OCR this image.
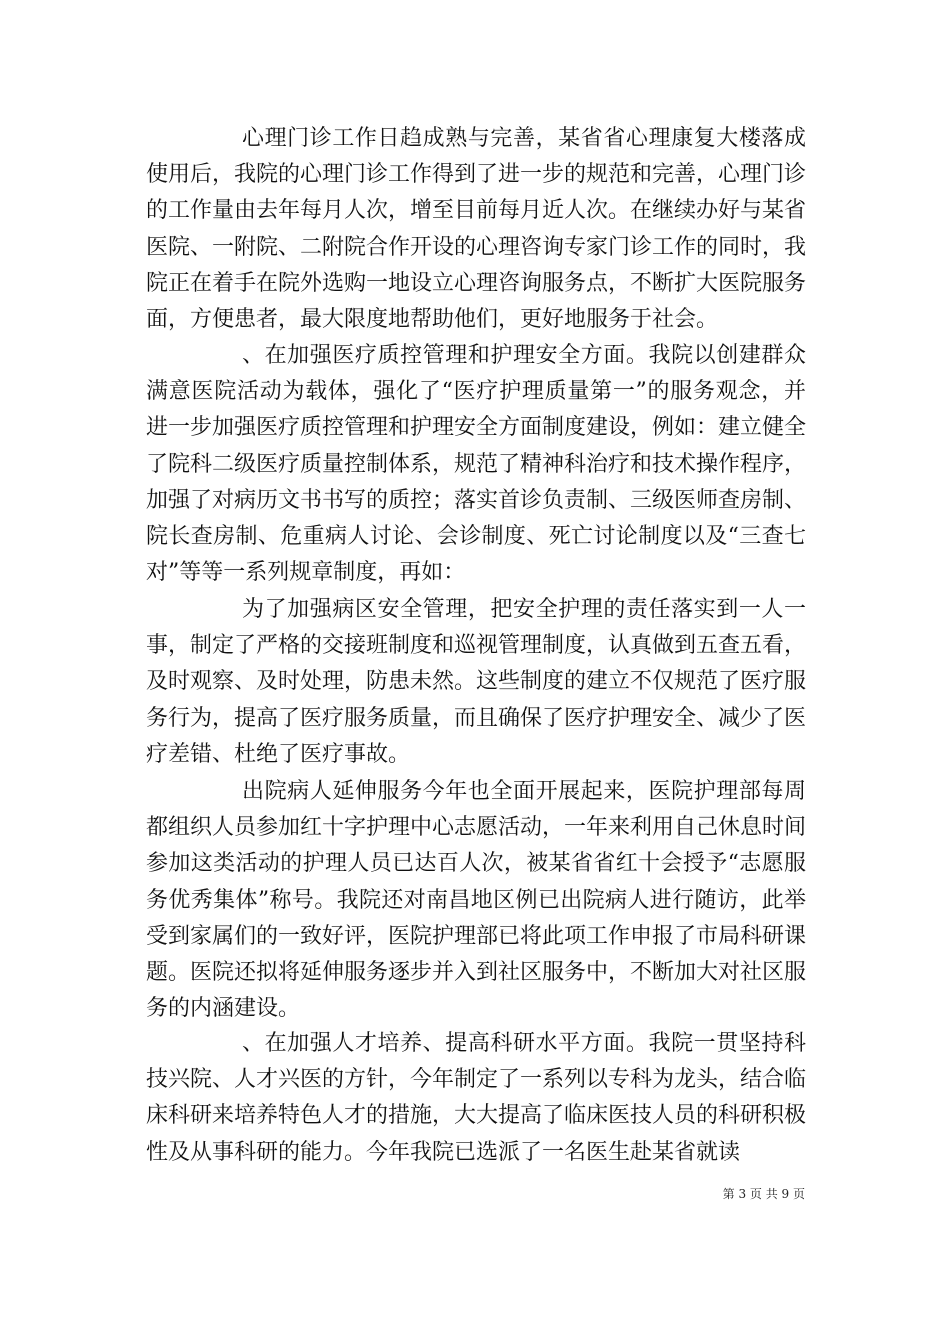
心理门诊工作日趋成熟与完善，某省省心理康复大楼落成使用后，我院的心理门诊工作得到了进一步的规范和完善，心理门诊的工作量由去年每月人次，增至目前每月近人次。在继续办好与某省医院、一附院、二附院合作开设的心理咨询专家门诊工作的同时，我院正在着手在院外选购一地设立心理咨询服务点，不断扩大医院服务面，方便患者，最大限度地帮助他们，更好地服务于社会。

、在加强医疗质控管理和护理安全方面。我院以创建群众满意医院活动为载体，强化了“医疗护理质量第一”的服务观念，并进一步加强医疗质控管理和护理安全方面制度建设，例如：建立健全了院科二级医疗质量控制体系，规范了精神科治疗和技术操作程序，加强了对病历文书书写的质控；落实首诊负责制、三级医师查房制、院长查房制、危重病人讨论、会诊制度、死亡讨论制度以及“三查七对”等等一系列规章制度，再如：

为了加强病区安全管理，把安全护理的责任落实到一人一事，制定了严格的交接班制度和巡视管理制度，认真做到五查五看，及时观察、及时处理，防患未然。这些制度的建立不仅规范了医疗服务行为，提高了医疗服务质量，而且确保了医疗护理安全、减少了医疗差错、杜绝了医疗事故。

出院病人延伸服务今年也全面开展起来，医院护理部每周都组织人员参加红十字护理中心志愿活动，一年来利用自己休息时间参加这类活动的护理人员已达百人次，被某省省红十会授予“志愿服务优秀集体”称号。我院还对南昌地区例已出院病人进行随访，此举受到家属们的一致好评，医院护理部已将此项工作申报了市局科研课题。医院还拟将延伸服务逐步并入到社区服务中，不断加大对社区服务的内涵建设。

、在加强人才培养、提高科研水平方面。我院一贯坚持科技兴院、人才兴医的方针，今年制定了一系列以专科为龙头，结合临床科研来培养特色人才的措施，大大提高了临床医技人员的科研积极性及从事科研的能力。今年我院已选派了一名医生赴某省就读

第 3 页 共 9 页
